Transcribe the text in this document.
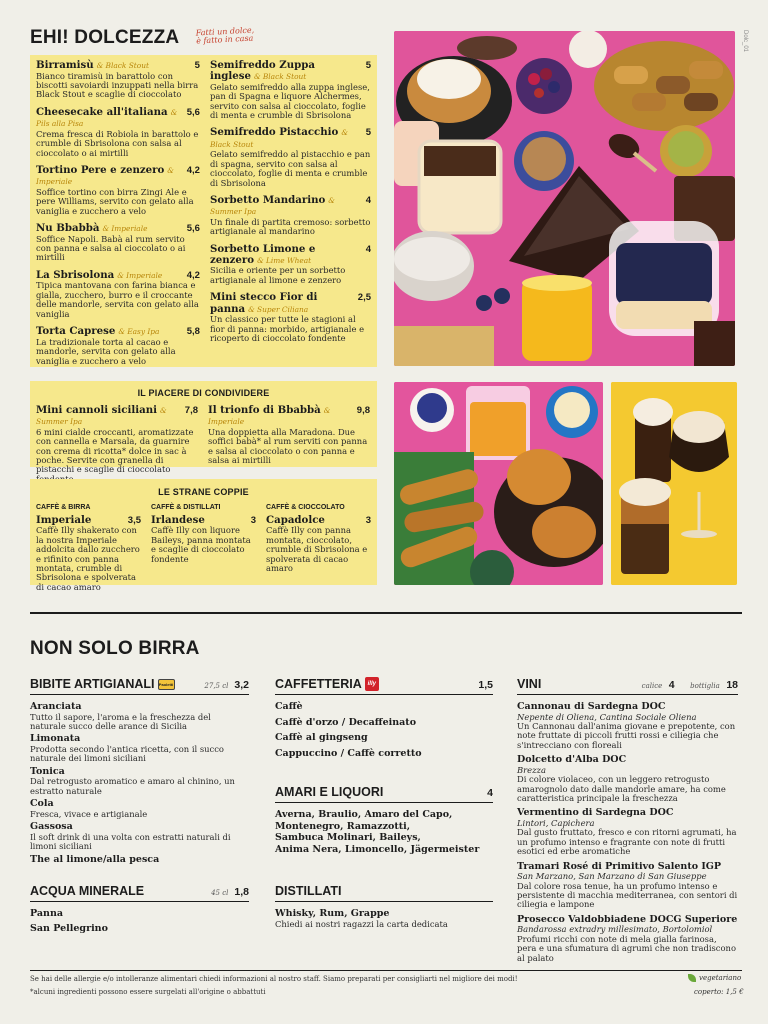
EHI! DOLCEZZA Fatti un dolce, è fatto in casa	Dolc_01
Birramisù & Black Stout	5
Bianco tiramisù in barattolo con biscotti savoiardi inzuppati nella birra Black Stout e scaglie di cioccolato
Cheesecake all'italiana & Pils alla Pisa
5,6
Crema fresca di Robiola in barattolo e crumble di Sbrisolona con salsa al cioccolato o ai mirtilli
Tortino Pere e zenzero & Imperiale
4,2
Soffice tortino con birra Zingi Ale e pere Williams, servito con gelato alla vaniglia e zucchero a velo
Nu Bbabbà & Imperiale	5,6
Soffice Napoli. Babà al rum servito con panna e salsa al cioccolato o ai mirtilli
La Sbrisolona & Imperiale	4,2
Tipica mantovana con farina bianca e gialla, zucchero, burro e il croccante delle mandorle, servita con gelato alla vaniglia
Torta Caprese & Easy Ipa	5,8
La tradizionale torta al cacao e mandorle, servita con gelato alla vaniglia e zucchero a velo
Semifreddo Zuppa inglese & Black Stout
5
Gelato semifreddo alla zuppa inglese, pan di Spagna e liquore Alchermes, servito con salsa al cioccolato, foglie di menta e crumble di Sbrisolona
Semifreddo Pistacchio & Black Stout
5
Gelato semifreddo al pistacchio e pan di spagna, servito con salsa al cioccolato, foglie di menta e crumble di Sbrisolona
Sorbetto Mandarino & Summer Ipa
4
Un finale di partita cremoso: sorbetto artigianale al mandarino
Sorbetto Limone e zenzero & Lime Wheat
4
Sicilia e oriente per un sorbetto artigianale al limone e zenzero
Mini stecco Fior di panna & Super Ciliana
2,5
Un classico per tutte le stagioni al fior di panna: morbido, artigianale e ricoperto di cioccolato fondente
IL PIACERE DI CONDIVIDERE
Mini cannoli siciliani & Summer Ipa
7,8
6 mini cialde croccanti, aromatizzate con cannella e Marsala, da guarnire con crema di ricotta* dolce in sac à poche. Servite con granella di pistacchi e scaglie di cioccolato
Il trionfo di Bbabbà & Imperiale
9,8
Una doppietta alla Maradona. Due soffici babà* al rum serviti con panna e salsa al cioccolato o con panna e salsa ai mirtilli
LE STRANE COPPIE
CAFFÈ & BIRRA
Imperiale	3,5
Caffè Illy shakerato con la nostra Imperiale addolcita dallo zucchero e rifinito con panna montata, crumble di Sbrisolona e spolverata di cacao amaro
CAFFÈ & DISTILLATI
Irlandese	3
Caffè Illy con liquore Baileys, panna montata e scaglie di cioccolato fondente
CAFFÈ & CIOCCOLATO
Capadolce	3
Caffè Illy con panna montata, cioccolato, crumble di Sbrisolona e spolverata di cacao amaro
NON SOLO BIRRA
BIBITE ARTIGIANALI Paoletti	27,5 cl 3,2
Aranciata
Tutto il sapore, l'aroma e la freschezza del naturale succo delle arance di Sicilia
Limonata
Prodotta secondo l'antica ricetta, con il succo naturale dei limoni siciliani
Tonica
Dal retrogusto aromatico e amaro al chinino, un estratto naturale
Cola
Fresca, vivace e artigianale
Gassosa
Il soft drink di una volta con estratti naturali di limoni siciliani
The al limone/alla pesca
ACQUA MINERALE	45 cl 1,8
Panna
San Pellegrino
CAFFETTERIA illy	1,5
Caffè
Caffè d'orzo / Decaffeinato
Caffè al gingseng
Cappuccino / Caffè corretto
AMARI E LIQUORI	4
Averna, Braulio, Amaro del Capo,
Montenegro, Ramazzotti,
Sambuca Molinari, Baileys,
Anima Nera, Limoncello, Jägermeister
DISTILLATI
Whisky, Rum, Grappe
Chiedi ai nostri ragazzi la carta dedicata
VINI	calice 4 bottiglia 18
Cannonau di Sardegna DOC
Nepente di Oliena, Cantina Sociale Oliena
Un Cannonau dall'anima giovane e prepotente, con note fruttate di piccoli frutti rossi e ciliegia che s'intrecciano con floreali
Dolcetto d'Alba DOC
Brezza
Di colore violaceo, con un leggero retrogusto amarognolo dato dalle mandorle amare, ha come caratteristica principale la freschezza
Vermentino di Sardegna DOC
Lintori, Capichera
Dal gusto fruttato, fresco e con ritorni agrumati, ha un profumo intenso e fragrante con note di frutti esotici ed erbe aromatiche
Tramari Rosé di Primitivo Salento IGP
San Marzano, San Marzano di San Giuseppe
Dal colore rosa tenue, ha un profumo intenso e persistente di macchia mediterranea, con sentori di ciliegia e lampone
Prosecco Valdobbiadene DOCG Superiore
Bandarossa extradry millesimato, Bortolomiol
Profumi ricchi con note di mela gialla farinosa, pera e una sfumatura di agrumi che non tradiscono al palato
Se hai delle allergie e/o intolleranze alimentari chiedi informazioni al nostro staff. Siamo preparati per consigliarti nel migliore dei modi!
*alcuni ingredienti possono essere surgelati all'origine o abbattuti
vegetariano
coperto: 1,5 €
